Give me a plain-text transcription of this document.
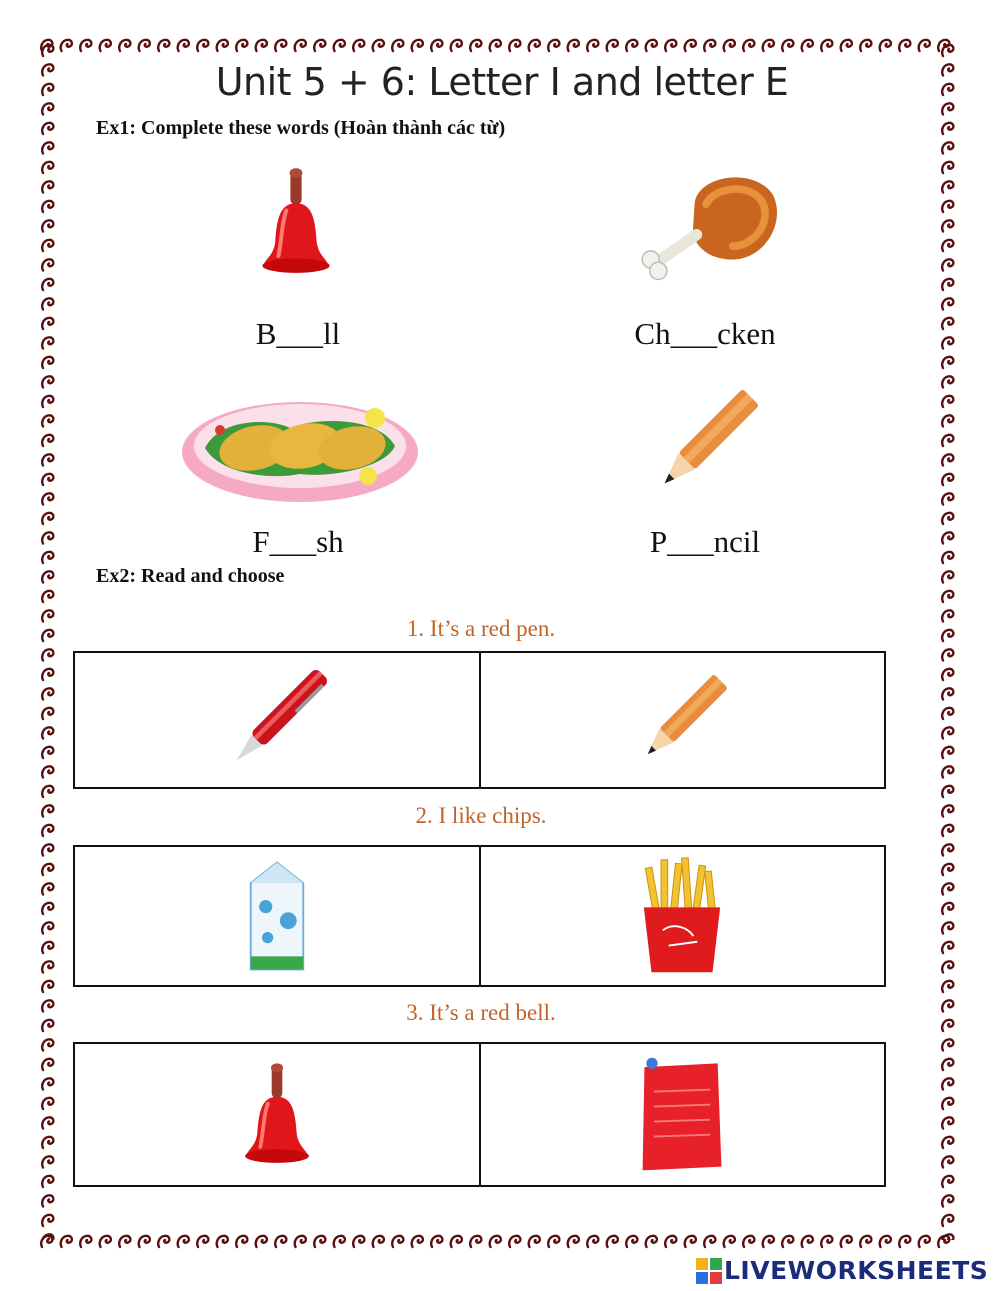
Unit 5 + 6: Letter I and letter E
Ex1: Complete these words (Hoàn thành các từ)
B___ll	Ch___cken
F___sh	P___ncil
Ex2: Read and choose
1. It’s a red pen.
2. I like chips.
3. It’s a red bell.
LIVEWORKSHEETS
